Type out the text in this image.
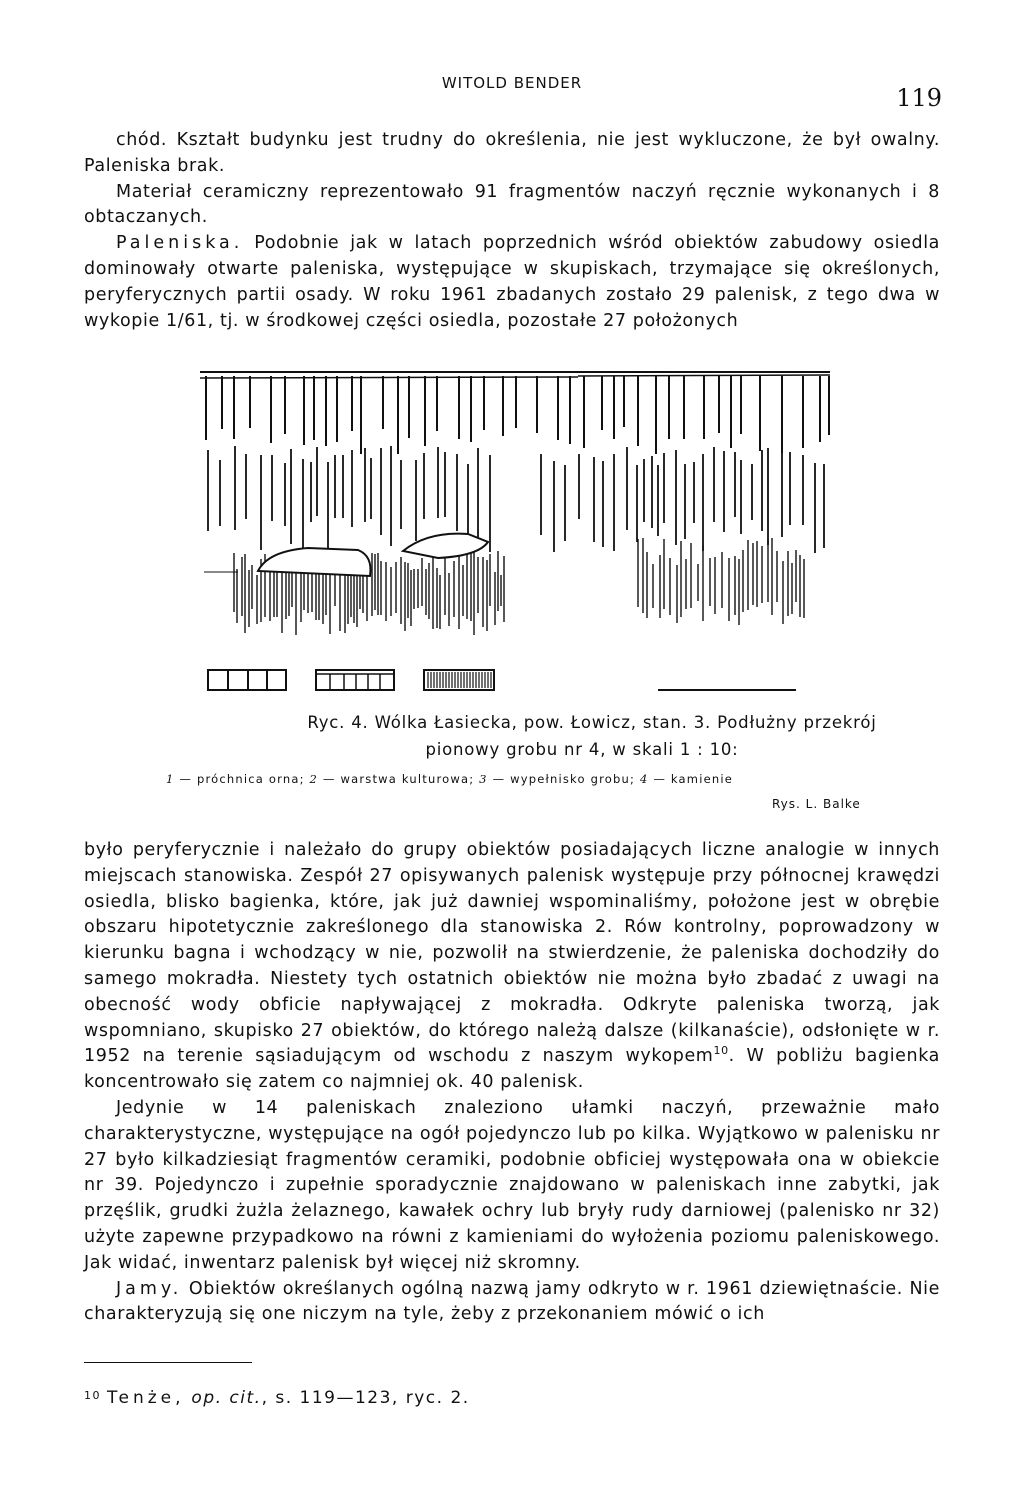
WITOLD BENDER
119

chód. Kształt budynku jest trudny do określenia, nie jest wykluczone, że był owalny. Paleniska brak.

Materiał ceramiczny reprezentowało 91 fragmentów naczyń ręcznie wykonanych i 8 obtaczanych.

Paleniska. Podobnie jak w latach poprzednich wśród obiektów zabudowy osiedla dominowały otwarte paleniska, występujące w skupiskach, trzymające się określonych, peryferycznych partii osady. W roku 1961 zbadanych zostało 29 palenisk, z tego dwa w wykopie 1/61, tj. w środkowej części osiedla, pozostałe 27 położonych

Ryc. 4. Wólka Łasiecka, pow. Łowicz, stan. 3. Podłużny przekrój
pionowy grobu nr 4, w skali 1 : 10:
1 — próchnica orna; 2 — warstwa kulturowa; 3 — wypełnisko grobu; 4 — kamienie
Rys. L. Balke

było peryferycznie i należało do grupy obiektów posiadających liczne analogie w innych miejscach stanowiska. Zespół 27 opisywanych palenisk występuje przy północnej krawędzi osiedla, blisko bagienka, które, jak już dawniej wspominaliśmy, położone jest w obrębie obszaru hipotetycznie zakreślonego dla stanowiska 2. Rów kontrolny, poprowadzony w kierunku bagna i wchodzący w nie, pozwolił na stwierdzenie, że paleniska dochodziły do samego mokradła. Niestety tych ostatnich obiektów nie można było zbadać z uwagi na obecność wody obficie napływającej z mokradła. Odkryte paleniska tworzą, jak wspomniano, skupisko 27 obiektów, do którego należą dalsze (kilkanaście), odsłonięte w r. 1952 na terenie sąsiadującym od wschodu z naszym wykopem$^{10}$. W pobliżu bagienka koncentrowało się zatem co najmniej ok. 40 palenisk.

Jedynie w 14 paleniskach znaleziono ułamki naczyń, przeważnie mało charakterystyczne, występujące na ogół pojedynczo lub po kilka. Wyjątkowo w palenisku nr 27 było kilkadziesiąt fragmentów ceramiki, podobnie obficiej występowała ona w obiekcie nr 39. Pojedynczo i zupełnie sporadycznie znajdowano w paleniskach inne zabytki, jak przęślik, grudki żużla żelaznego, kawałek ochry lub bryły rudy darniowej (palenisko nr 32) użyte zapewne przypadkowo na równi z kamieniami do wyłożenia poziomu paleniskowego. Jak widać, inwentarz palenisk był więcej niż skromny.

Jamy. Obiektów określanych ogólną nazwą jamy odkryto w r. 1961 dziewiętnaście. Nie charakteryzują się one niczym na tyle, żeby z przekonaniem mówić o ich

$^{10}$ Tenże, op. cit., s. 119—123, ryc. 2.
